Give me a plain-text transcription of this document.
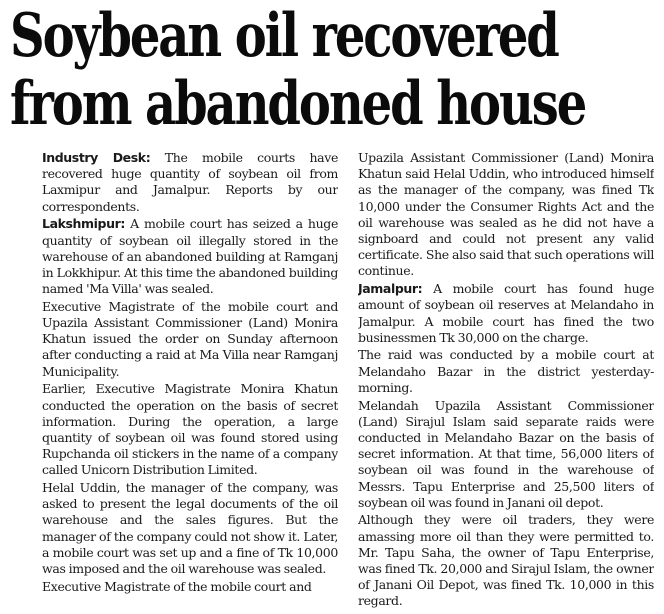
Soybean oil recovered
from abandoned house

Industry Desk: The mobile courts have recovered huge quantity of soybean oil from Laxmipur and Jamalpur. Reports by our correspondents.

Lakshmipur: A mobile court has seized a huge quantity of soybean oil illegally stored in the warehouse of an abandoned building at Ramganj in Lokkhipur. At this time the abandoned building named 'Ma Villa' was sealed.

Executive Magistrate of the mobile court and Upazila Assistant Commissioner (Land) Monira Khatun issued the order on Sunday afternoon after conducting a raid at Ma Villa near Ramganj Municipality.

Earlier, Executive Magistrate Monira Khatun conducted the operation on the basis of secret information. During the operation, a large quantity of soybean oil was found stored using Rupchanda oil stickers in the name of a company called Unicorn Distribution Limited.

Helal Uddin, the manager of the company, was asked to present the legal documents of the oil warehouse and the sales figures. But the manager of the company could not show it. Later, a mobile court was set up and a fine of Tk 10,000 was imposed and the oil warehouse was sealed.

Executive Magistrate of the mobile court and

Upazila Assistant Commissioner (Land) Monira Khatun said Helal Uddin, who introduced himself as the manager of the company, was fined Tk 10,000 under the Consumer Rights Act and the oil warehouse was sealed as he did not have a signboard and could not present any valid certificate. She also said that such operations will continue.

Jamalpur: A mobile court has found huge amount of soybean oil reserves at Melandaho in Jamalpur. A mobile court has fined the two businessmen Tk 30,000 on the charge.

The raid was conducted by a mobile court at Melandaho Bazar in the district yesterday-morning.

Melandah Upazila Assistant Commissioner (Land) Sirajul Islam said separate raids were conducted in Melandaho Bazar on the basis of secret information. At that time, 56,000 liters of soybean oil was found in the warehouse of Messrs. Tapu Enterprise and 25,500 liters of soybean oil was found in Janani oil depot.

Although they were oil traders, they were amassing more oil than they were permitted to. Mr. Tapu Saha, the owner of Tapu Enterprise, was fined Tk. 20,000 and Sirajul Islam, the owner of Janani Oil Depot, was fined Tk. 10,000 in this regard.
